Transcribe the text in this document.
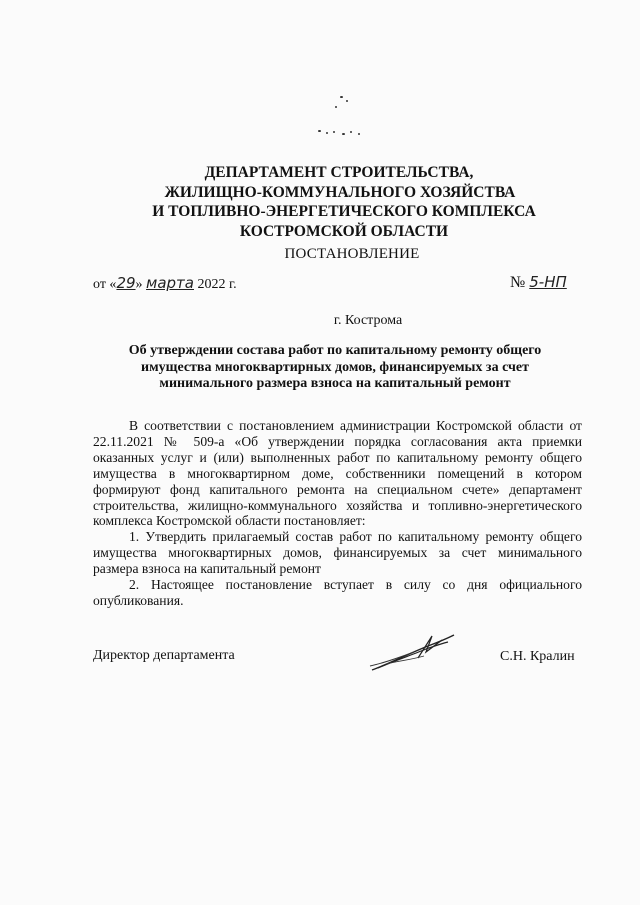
ДЕПАРТАМЕНТ СТРОИТЕЛЬСТВА,
ЖИЛИЩНО-КОММУНАЛЬНОГО ХОЗЯЙСТВА
И ТОПЛИВНО-ЭНЕРГЕТИЧЕСКОГО КОМПЛЕКСА
КОСТРОМСКОЙ ОБЛАСТИ
ПОСТАНОВЛЕНИЕ
от «29» марта 2022 г.	№ 5-НП
г. Кострома
Об утверждении состава работ по капитальному ремонту общего имущества многоквартирных домов, финансируемых за счет минимального размера взноса на капитальный ремонт

В соответствии с постановлением администрации Костромской области от 22.11.2021 № 509-а «Об утверждении порядка согласования акта приемки оказанных услуг и (или) выполненных работ по капитальному ремонту общего имущества в многоквартирном доме, собственники помещений в котором формируют фонд капитального ремонта на специальном счете» департамент строительства, жилищно-коммунального хозяйства и топливно-энергетического комплекса Костромской области постановляет:

1. Утвердить прилагаемый состав работ по капитальному ремонту общего имущества многоквартирных домов, финансируемых за счет минимального размера взноса на капитальный ремонт

2. Настоящее постановление вступает в силу со дня официального опубликования.

Директор департамента	С.Н. Кралин
